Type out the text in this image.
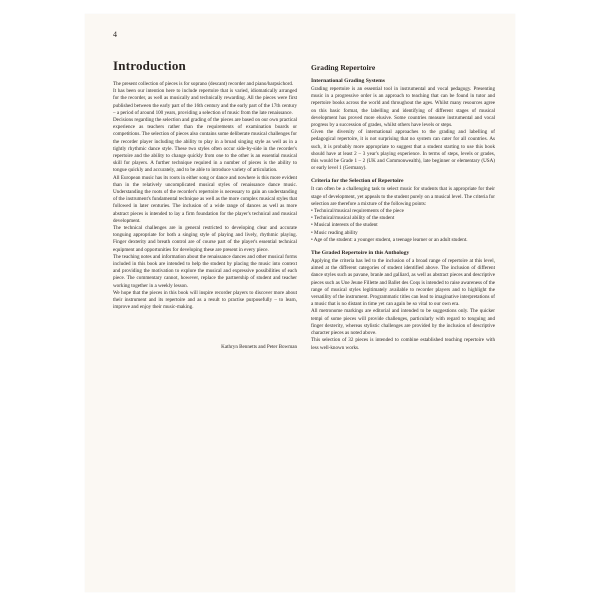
4
Introduction

The present collection of pieces is for soprano (descant) recorder and piano/harpsichord.

It has been our intention here to include repertoire that is varied, idiomatically arranged for the recorder, as well as musically and technically rewarding. All the pieces were first published between the early part of the 16th century and the early part of the 17th century – a period of around 100 years, providing a selection of music from the late renaissance.

Decisions regarding the selection and grading of the pieces are based on our own practical experience as teachers rather than the requirements of examination boards or competitions. The selection of pieces also contains some deliberate musical challenges for the recorder player including the ability to play in a broad singing style as well as in a tightly rhythmic dance style. These two styles often occur side-by-side in the recorder's repertoire and the ability to change quickly from one to the other is an essential musical skill for players. A further technique required in a number of pieces is the ability to tongue quickly and accurately, and to be able to introduce variety of articulation.

All European music has its roots in either song or dance and nowhere is this more evident than in the relatively uncomplicated musical styles of renaissance dance music. Understanding the roots of the recorder's repertoire is necessary to gain an understanding of the instrument's fundamental technique as well as the more complex musical styles that followed in later centuries. The inclusion of a wide range of dances as well as more abstract pieces is intended to lay a firm foundation for the player's technical and musical development.

The technical challenges are in general restricted to developing clear and accurate tonguing appropriate for both a singing style of playing and lively, rhythmic playing. Finger dexterity and breath control are of course part of the player's essential technical equipment and opportunities for developing these are present in every piece.

The teaching notes and information about the renaissance dances and other musical forms included in this book are intended to help the student by placing the music into context and providing the motivation to explore the musical and expressive possibilities of each piece. The commentary cannot, however, replace the partnership of student and teacher working together in a weekly lesson.

We hope that the pieces in this book will inspire recorder players to discover more about their instrument and its repertoire and as a result to practise purposefully – to learn, improve and enjoy their music-making.

Kathryn Bennetts and Peter Bowman
Grading Repertoire
International Grading Systems

Grading repertoire is an essential tool in instrumental and vocal pedagogy. Presenting music in a progressive order is an approach to teaching that can be found in tutor and repertoire books across the world and throughout the ages. Whilst many resources agree on this basic format, the labelling and identifying of different stages of musical development has proved more elusive. Some countries measure instrumental and vocal progress by a succession of grades, whilst others have levels or steps.

Given the diversity of international approaches to the grading and labelling of pedagogical repertoire, it is not surprising that no system can cater for all countries. As such, it is probably more appropriate to suggest that a student starting to use this book should have at least 2 – 3 year's playing experience. In terms of steps, levels or grades, this would be Grade 1 – 2 (UK and Commonwealth), late beginner or elementary (USA) or early level 1 (Germany).

Criteria for the Selection of Repertoire

It can often be a challenging task to select music for students that is appropriate for their stage of development, yet appeals to the student purely on a musical level. The criteria for selection are therefore a mixture of the following points:

• Technical/musical requirements of the piece
• Technical/musical ability of the student
• Musical interests of the student
• Music reading ability
• Age of the student: a younger student, a teenage learner or an adult student.
The Graded Repertoire in this Anthology

Applying the criteria has led to the inclusion of a broad range of repertoire at this level, aimed at the different categories of student identified above. The inclusion of different dance styles such as pavane, branle and galliard, as well as abstract pieces and descriptive pieces such as Une Jeune Fillette and Ballet des Coqs is intended to raise awareness of the range of musical styles legitimately available to recorder players and to highlight the versatility of the instrument. Programmatic titles can lead to imaginative interpretations of a music that is no distant in time yet can again be so vital to our own era.

All metronome markings are editorial and intended to be suggestions only. The quicker tempi of some pieces will provide challenges, particularly with regard to tonguing and finger dexterity, whereas stylistic challenges are provided by the inclusion of descriptive character pieces as noted above.

This selection of 32 pieces is intended to combine established teaching repertoire with less well-known works.
